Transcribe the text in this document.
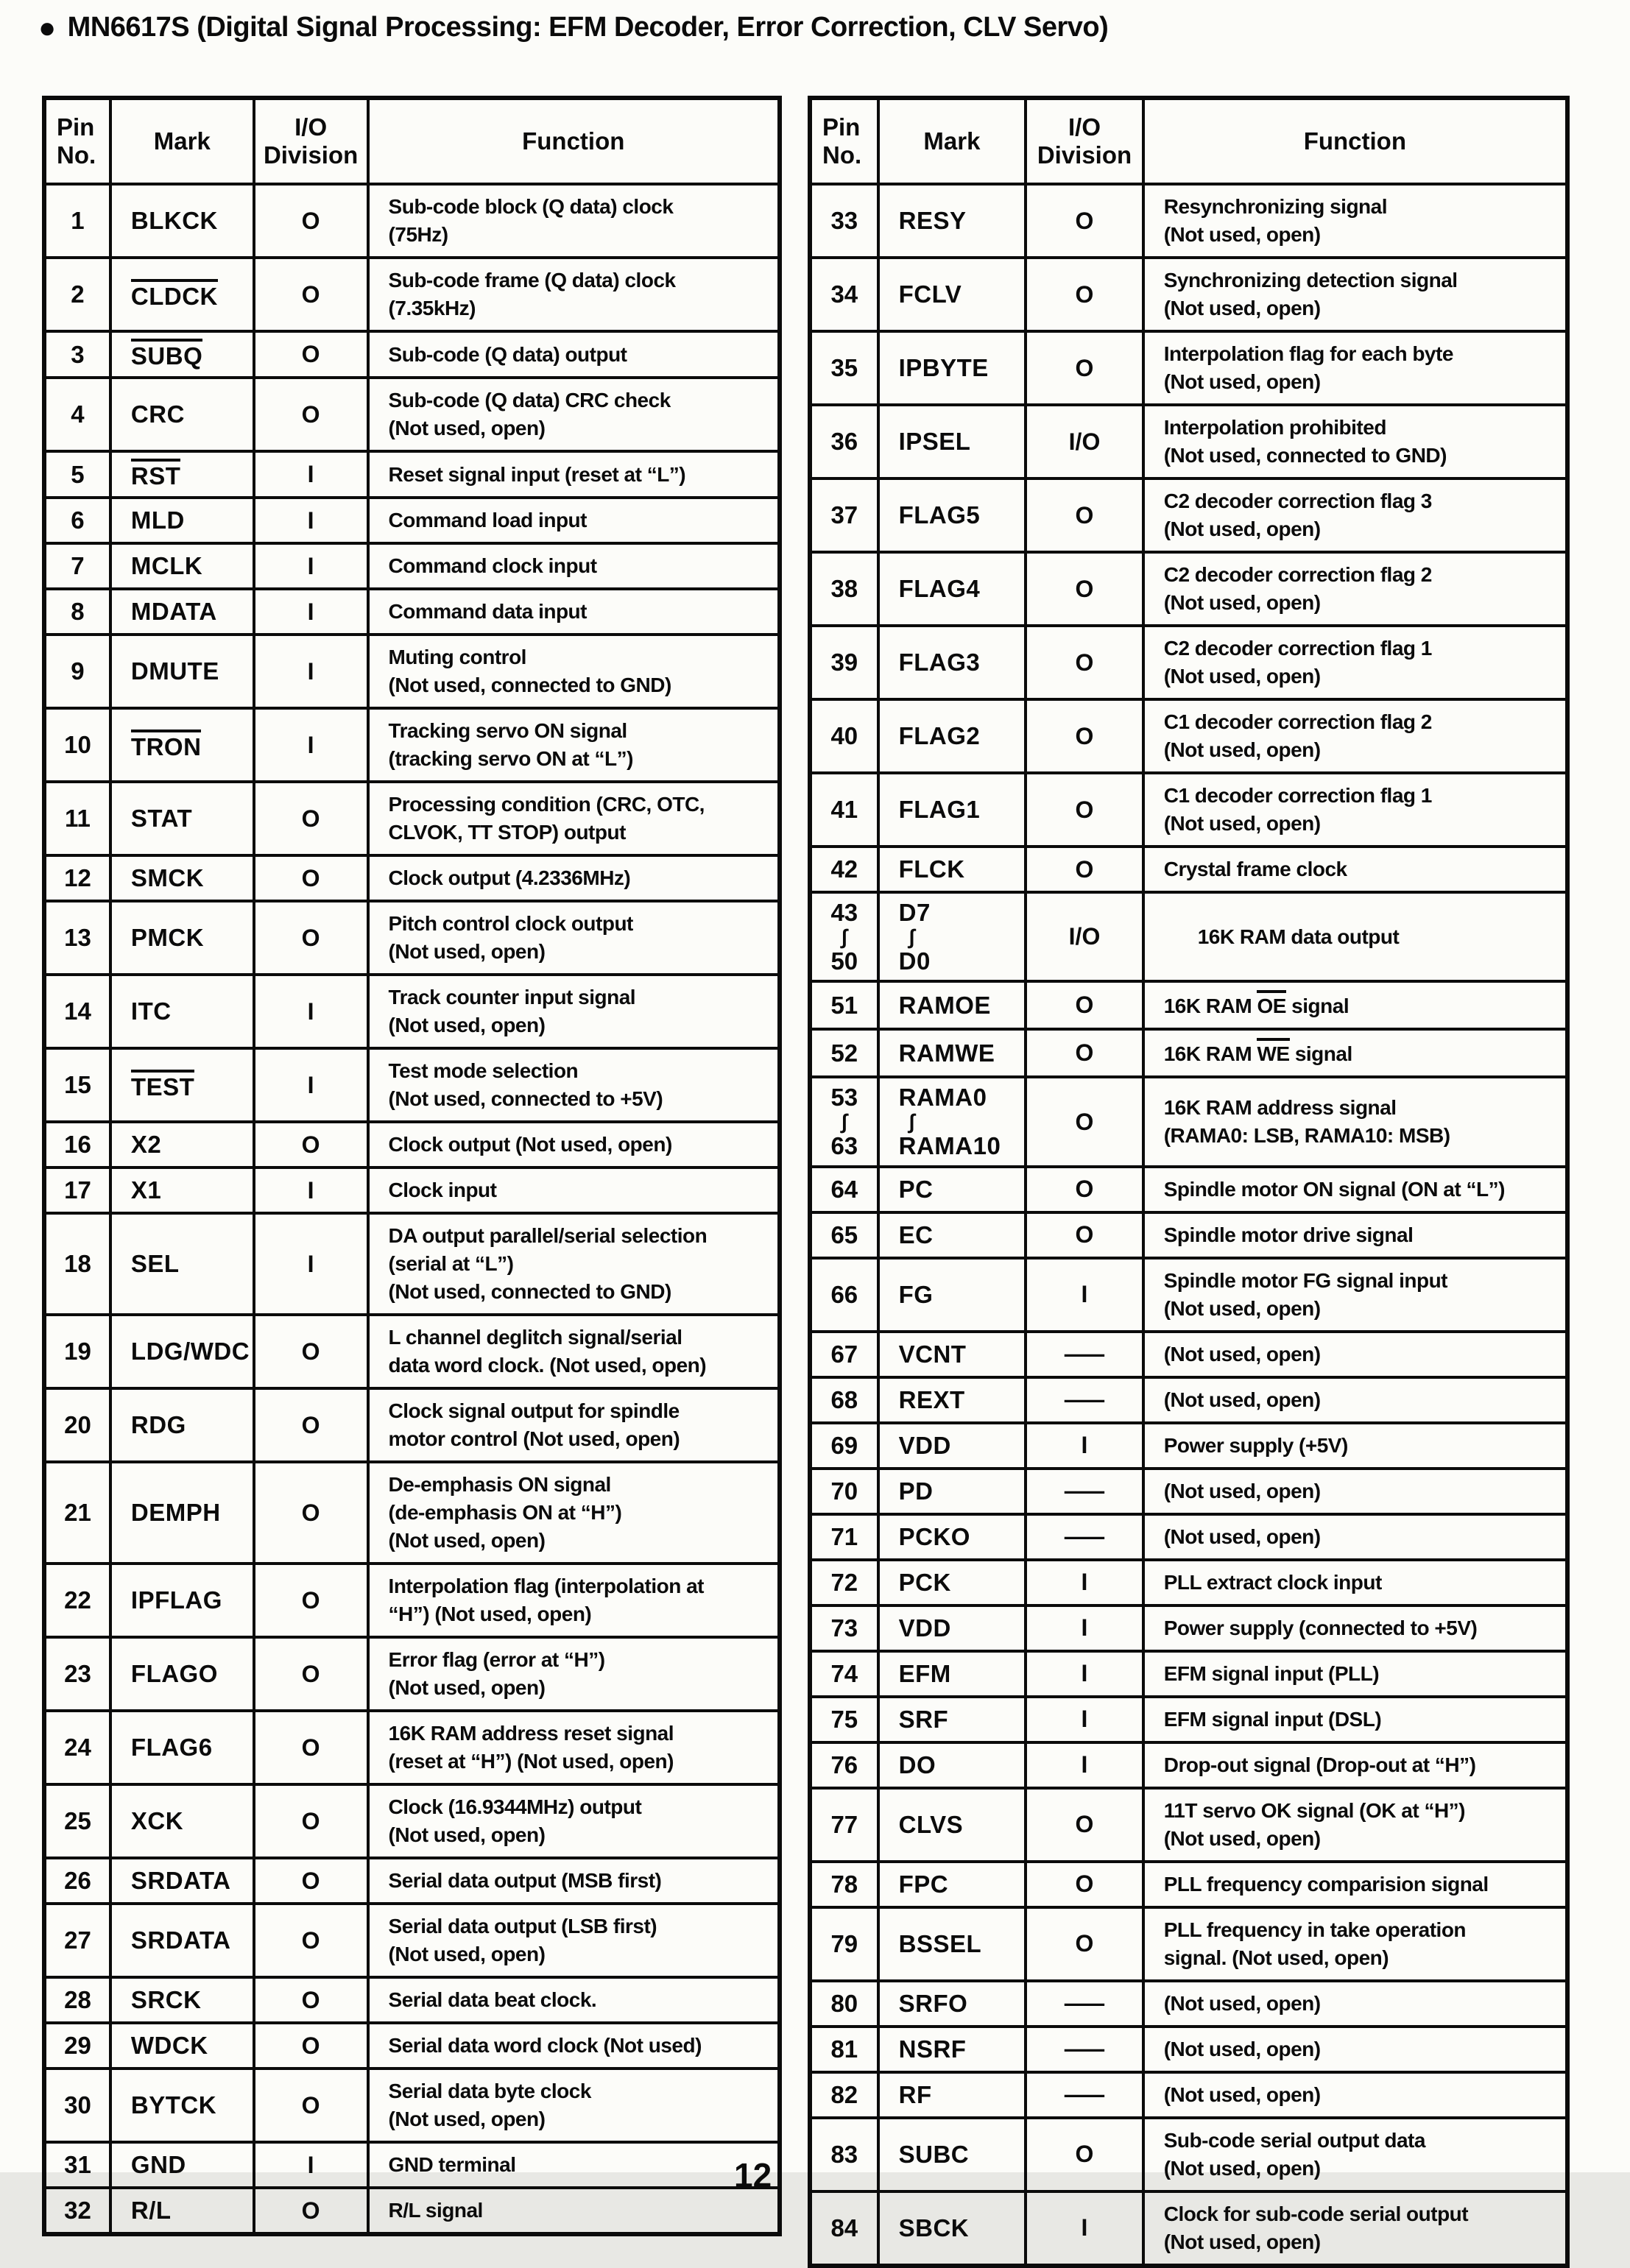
● MN6617S (Digital Signal Processing: EFM Decoder, Error Correction, CLV Servo)
Pin
No.	Mark	I/O
Division	Function
1	BLKCK	O	Sub-code block (Q data) clock
(75Hz)
2	CLDCK	O	Sub-code frame (Q data) clock
(7.35kHz)
3	SUBQ	O	Sub-code (Q data) output
4	CRC	O	Sub-code (Q data) CRC check
(Not used, open)
5	RST	I	Reset signal input (reset at “L”)
6	MLD	I	Command load input
7	MCLK	I	Command clock input
8	MDATA	I	Command data input
9	DMUTE	I	Muting control
(Not used, connected to GND)
10	TRON	I	Tracking servo ON signal
(tracking servo ON at “L”)
11	STAT	O	Processing condition (CRC, OTC,
CLVOK, TT STOP) output
12	SMCK	O	Clock output (4.2336MHz)
13	PMCK	O	Pitch control clock output
(Not used, open)
14	ITC	I	Track counter input signal
(Not used, open)
15	TEST	I	Test mode selection
(Not used, connected to +5V)
16	X2	O	Clock output (Not used, open)
17	X1	I	Clock input
18	SEL	I	DA output parallel/serial selection
(serial at “L”)
(Not used, connected to GND)
19	LDG/WDC	O	L channel deglitch signal/serial
data word clock. (Not used, open)
20	RDG	O	Clock signal output for spindle
motor control (Not used, open)
21	DEMPH	O	De-emphasis ON signal
(de-emphasis ON at “H”)
(Not used, open)
22	IPFLAG	O	Interpolation flag (interpolation at
“H”) (Not used, open)
23	FLAGO	O	Error flag (error at “H”)
(Not used, open)
24	FLAG6	O	16K RAM address reset signal
(reset at “H”) (Not used, open)
25	XCK	O	Clock (16.9344MHz) output
(Not used, open)
26	SRDATA	O	Serial data output (MSB first)
27	SRDATA	O	Serial data output (LSB first)
(Not used, open)
28	SRCK	O	Serial data beat clock.
29	WDCK	O	Serial data word clock (Not used)
30	BYTCK	O	Serial data byte clock
(Not used, open)
31	GND	I	GND terminal
32	R/L	O	R/L signal
Pin
No.	Mark	I/O
Division	Function
33	RESY	O	Resynchronizing signal
(Not used, open)
34	FCLV	O	Synchronizing detection signal
(Not used, open)
35	IPBYTE	O	Interpolation flag for each byte
(Not used, open)
36	IPSEL	I/O	Interpolation prohibited
(Not used, connected to GND)
37	FLAG5	O	C2 decoder correction flag 3
(Not used, open)
38	FLAG4	O	C2 decoder correction flag 2
(Not used, open)
39	FLAG3	O	C2 decoder correction flag 1
(Not used, open)
40	FLAG2	O	C1 decoder correction flag 2
(Not used, open)
41	FLAG1	O	C1 decoder correction flag 1
(Not used, open)
42	FLCK	O	Crystal frame clock

43
∫
50	D7
∫
D0	I/O	16K RAM data output
51	RAMOE	O	16K RAM OE signal
52	RAMWE	O	16K RAM WE signal

53
∫
63	RAMA0
∫
RAMA10	O	16K RAM address signal
(RAMA0: LSB, RAMA10: MSB)
64	PC	O	Spindle motor ON signal (ON at “L”)
65	EC	O	Spindle motor drive signal
66	FG	I	Spindle motor FG signal input
(Not used, open)
67	VCNT	—	(Not used, open)
68	REXT	—	(Not used, open)
69	VDD	I	Power supply (+5V)
70	PD	—	(Not used, open)
71	PCKO	—	(Not used, open)
72	PCK	I	PLL extract clock input
73	VDD	I	Power supply (connected to +5V)
74	EFM	I	EFM signal input (PLL)
75	SRF	I	EFM signal input (DSL)
76	DO	I	Drop-out signal (Drop-out at “H”)
77	CLVS	O	11T servo OK signal (OK at “H”)
(Not used, open)
78	FPC	O	PLL frequency comparision signal
79	BSSEL	O	PLL frequency in take operation
signal. (Not used, open)
80	SRFO	—	(Not used, open)
81	NSRF	—	(Not used, open)
82	RF	—	(Not used, open)
83	SUBC	O	Sub-code serial output data
(Not used, open)
84	SBCK	I	Clock for sub-code serial output
(Not used, open)
12
